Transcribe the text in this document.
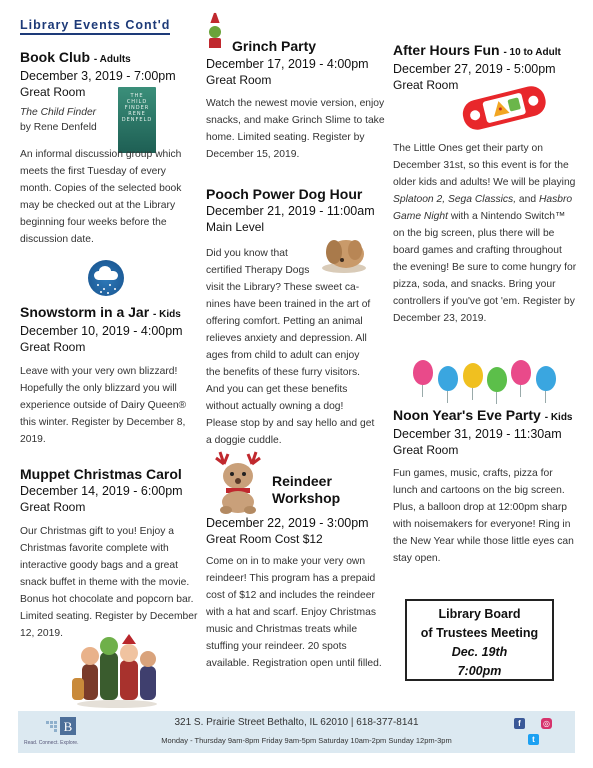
Library Events Cont'd
Book Club - Adults
December 3, 2019 - 7:00pm
Great Room
The Child Finder
by Rene Denfeld
THE CHILD FINDER RENE DENFELD
An informal discussion group which meets the first Tuesday of every month. Copies of the selected book may be checked out at the Library beginning four weeks before the discussion date.
Snowstorm in a Jar - Kids
December 10, 2019 - 4:00pm
Great Room
Leave with your very own blizzard! Hopefully the only blizzard you will experience outside of Dairy Queen® this winter. Register by December 8, 2019.
Muppet Christmas Carol
December 14, 2019 - 6:00pm
Great Room
Our Christmas gift to you! Enjoy a Christmas favorite complete with interactive goody bags and a great snack buffet in theme with the movie. Bonus hot chocolate and popcorn bar. Limited seating. Register by December 12, 2019.
Grinch Party
December 17, 2019 - 4:00pm
Great Room
Watch the newest movie version, enjoy snacks, and make Grinch Slime to take home. Limited seating. Register by December 15, 2019.
Pooch Power Dog Hour
December 21, 2019 - 11:00am
Main Level
Did you know that
certified Therapy Dogs
visit the Library? These sweet ca-
nines have been trained in the art of
offering comfort. Petting an animal
relieves anxiety and depression. All
ages from child to adult can enjoy
the benefits of these furry visitors.
And you can get these benefits
without actually owning a dog!
Please stop by and say hello and get
a doggie cuddle.
Reindeer
Workshop
December 22, 2019 - 3:00pm
Great Room Cost $12
Come on in to make your very own reindeer! This program has a prepaid cost of $12 and includes the reindeer with a hat and scarf. Enjoy Christmas music and Christmas treats while stuffing your reindeer. 20 spots available. Registration open until filled.
After Hours Fun - 10 to Adult
December 27, 2019 - 5:00pm
Great Room
The Little Ones get their party on December 31st, so this event is for the older kids and adults! We will be playing Splatoon 2, Sega Classics, and Hasbro Game Night with a Nintendo Switch™ on the big screen, plus there will be board games and crafting throughout the evening! Be sure to come hungry for pizza, soda, and snacks. Bring your controllers if you've got 'em. Register by December 23, 2019.
Noon Year's Eve Party - Kids
December 31, 2019 - 11:30am
Great Room
Fun games, music, crafts, pizza for lunch and cartoons on the big screen. Plus, a balloon drop at 12:00pm sharp with noisemakers for everyone! Ring in the New Year while those little eyes can stay open.
Library Board
of Trustees Meeting
Dec. 19th
7:00pm
B
Read. Connect. Explore.
321 S. Prairie Street Bethalto, IL 62010 | 618-377-8141
Monday - Thursday 9am-8pm Friday 9am-5pm Saturday 10am-2pm Sunday 12pm-3pm
f	◎
t
